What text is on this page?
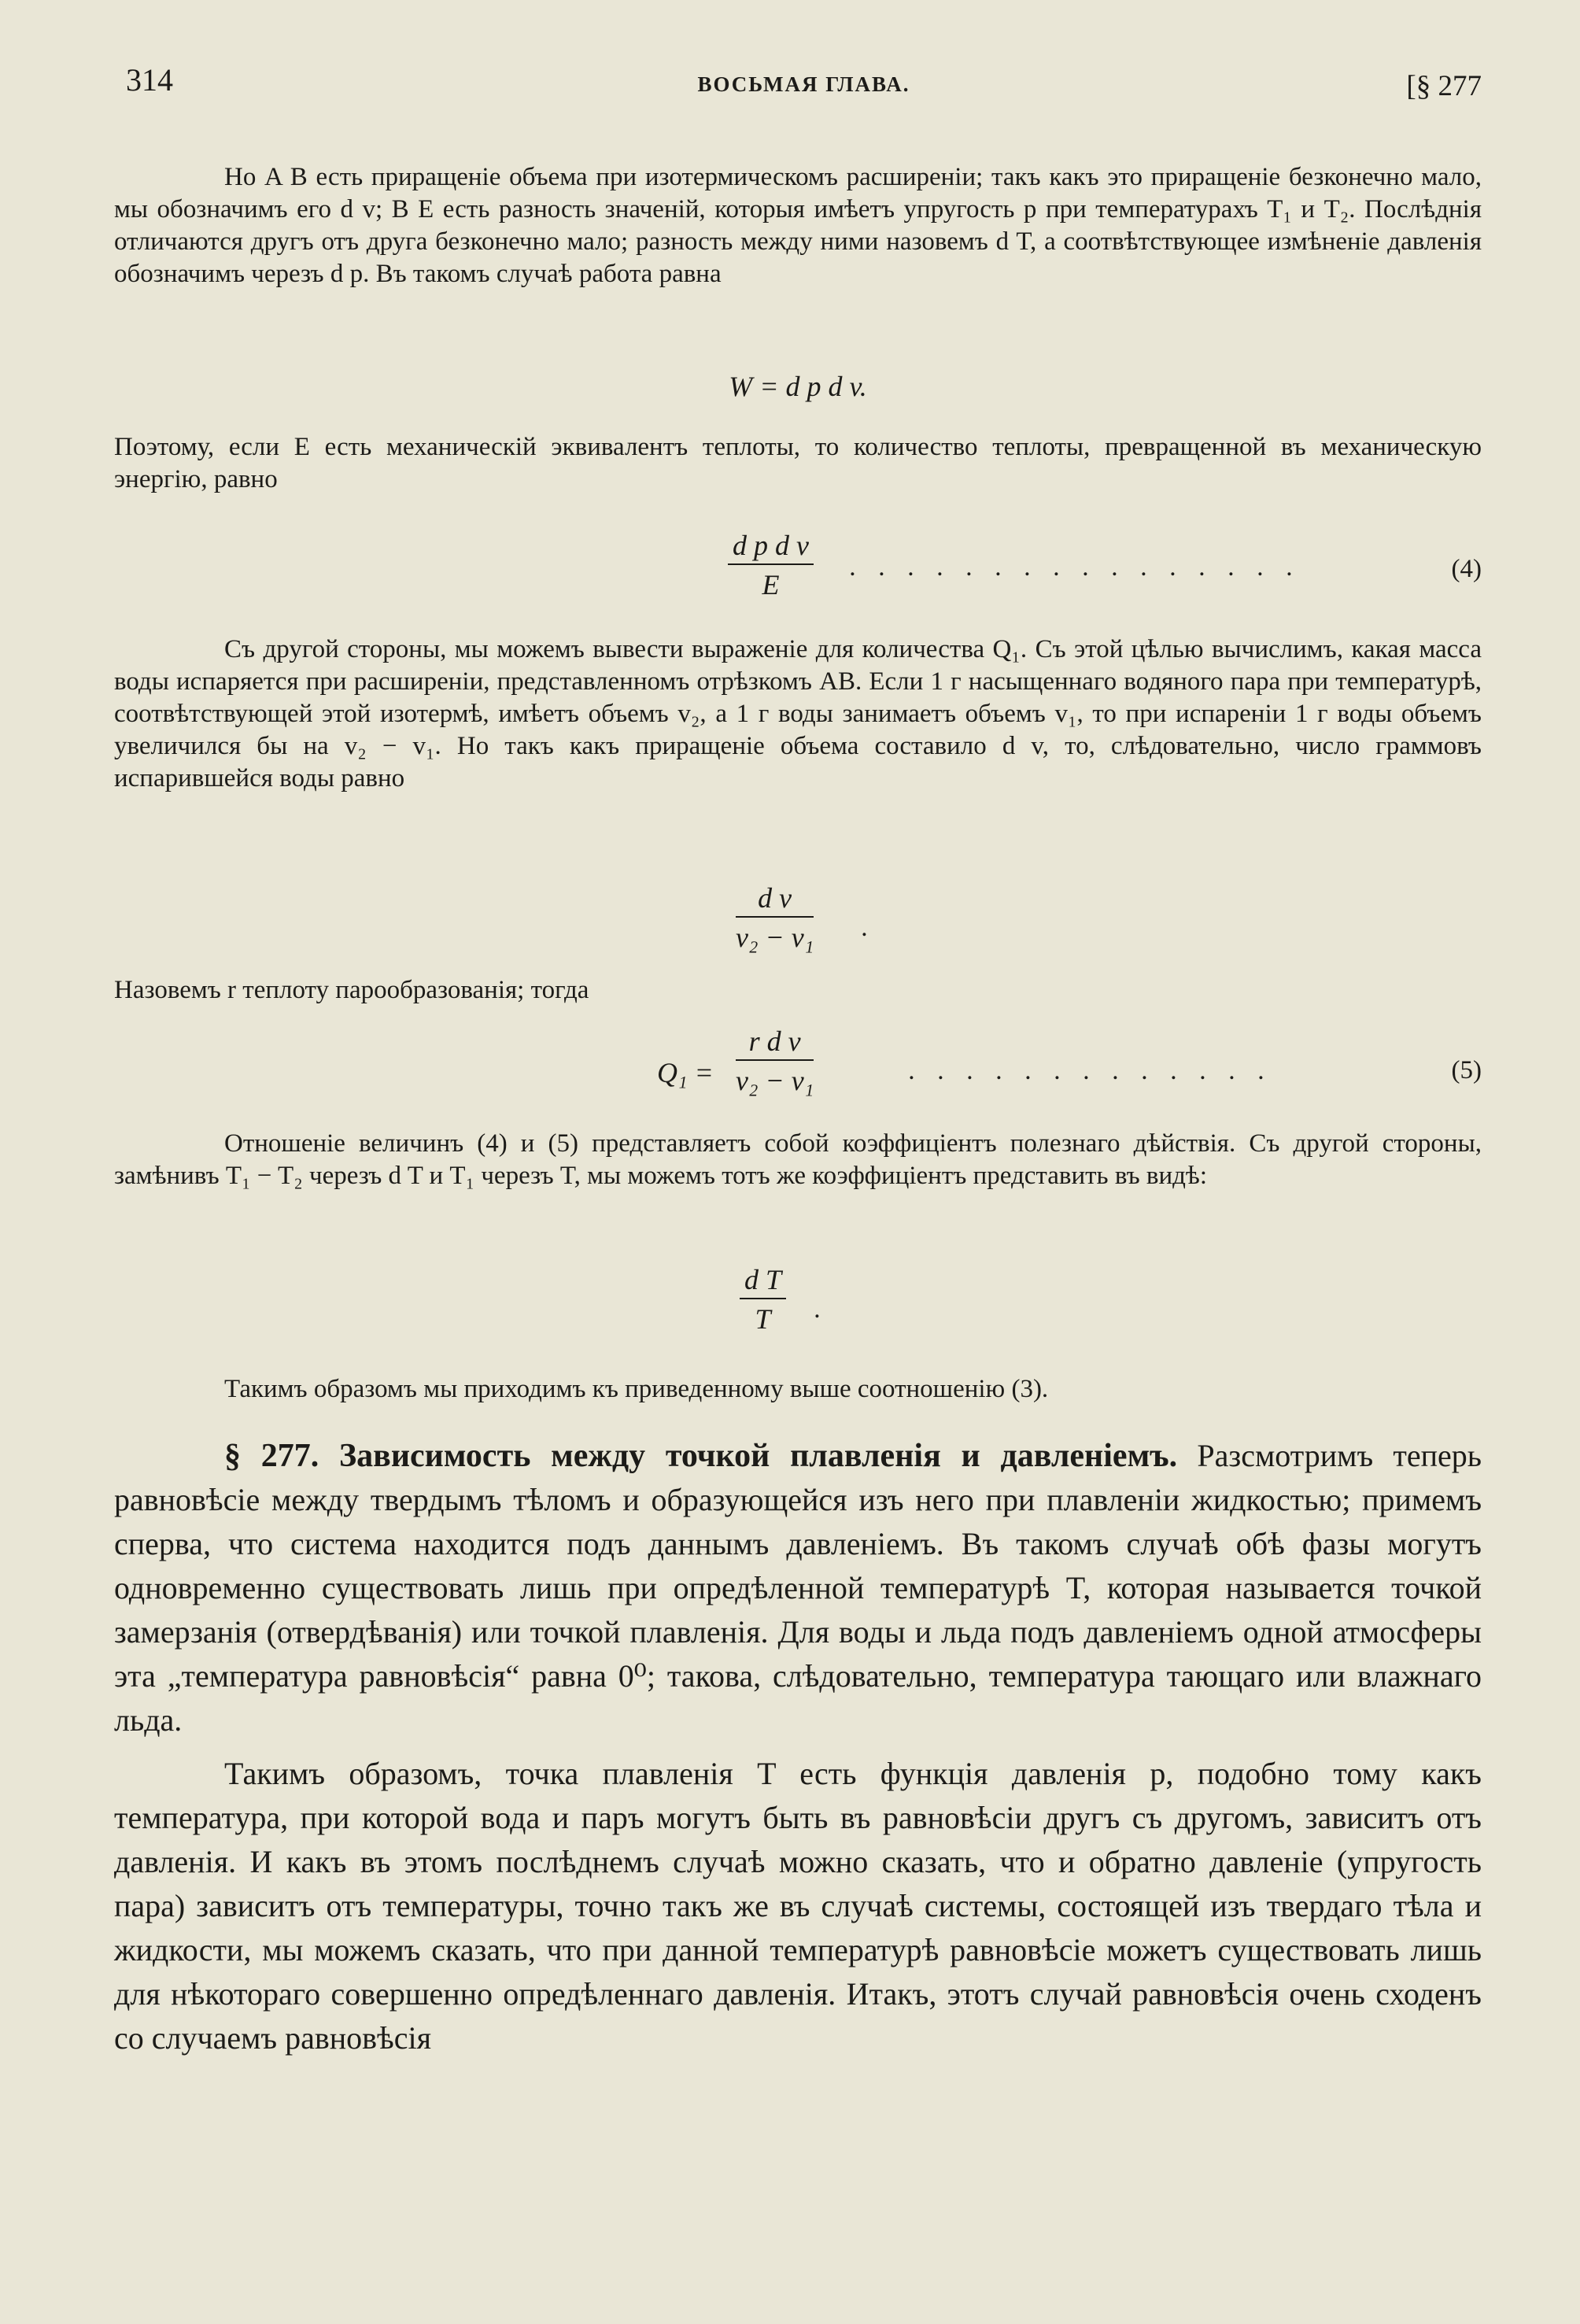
314	ВОСЬМАЯ ГЛАВА.	[§ 277

Но A B есть приращеніе объема при изотермическомъ расширеніи; такъ какъ это приращеніе безконечно мало, мы обозначимъ его d v; B E есть разность значеній, которыя имѣетъ упругость p при температурахъ T₁ и T₂. Послѣднія отличаются другъ отъ друга безконечно мало; разность между ними назовемъ d T, а соотвѣтствующее измѣненіе давленія обозначимъ черезъ d p. Въ такомъ случаѣ работа равна

W = d p d v.

Поэтому, если E есть механическій эквивалентъ теплоты, то количество теплоты, превращенной въ механическую энергію, равно

$\frac{\text{d p d v}}{E}$ . . . . . . . . . . . . . . . .	(4)

Съ другой стороны, мы можемъ вывести выраженіе для количества Q₁. Съ этой цѣлью вычислимъ, какая масса воды испаряется при расширеніи, представленномъ отрѣзкомъ AB. Если 1 г насыщеннаго водяного пара при температурѣ, соотвѣтствующей этой изотермѣ, имѣетъ объемъ v₂, а 1 г воды занимаетъ объемъ v₁, то при испареніи 1 г воды объемъ увеличился бы на v₂ − v₁. Но такъ какъ приращеніе объема составило d v, то, слѣдовательно, число граммовъ испарившейся воды равно

$\frac{\text{d v}}{\text{v₂ − v₁}}$ .

Назовемъ r теплоту парообразованія; тогда

$Q_1 = \frac{\text{r d v}}{\text{v₂ − v₁}}$	. . . . . . . . . . . . .	(5)

Отношеніе величинъ (4) и (5) представляетъ собой коэффиціентъ полезнаго дѣйствія. Съ другой стороны, замѣнивъ T₁ − T₂ черезъ d T и T₁ черезъ T, мы можемъ тотъ же коэффиціентъ представить въ видѣ:

$\frac{\text{d T}}{T}$ .

Такимъ образомъ мы приходимъ къ приведенному выше соотношенію (3).

§ 277. Зависимость между точкой плавленія и давленіемъ. Разсмотримъ теперь равновѣсіе между твердымъ тѣломъ и образующейся изъ него при плавленіи жидкостью; примемъ сперва, что система находится подъ даннымъ давленіемъ. Въ такомъ случаѣ обѣ фазы могутъ одновременно существовать лишь при опредѣленной температурѣ T, которая называется точкой замерзанія (отвердѣванія) или точкой плавленія. Для воды и льда подъ давленіемъ одной атмосферы эта „температура равновѣсія“ равна 0⁰; такова, слѣдовательно, температура тающаго или влажнаго льда.

Такимъ образомъ, точка плавленія T есть функція давленія p, подобно тому какъ температура, при которой вода и паръ могутъ быть въ равновѣсіи другъ съ другомъ, зависитъ отъ давленія. И какъ въ этомъ послѣднемъ случаѣ можно сказать, что и обратно давленіе (упругость пара) зависитъ отъ температуры, точно такъ же въ случаѣ системы, состоящей изъ твердаго тѣла и жидкости, мы можемъ сказать, что при данной температурѣ равновѣсіе можетъ существовать лишь для нѣкотораго совершенно опредѣленнаго давленія. Итакъ, этотъ случай равновѣсія очень сходенъ со случаемъ равновѣсія
